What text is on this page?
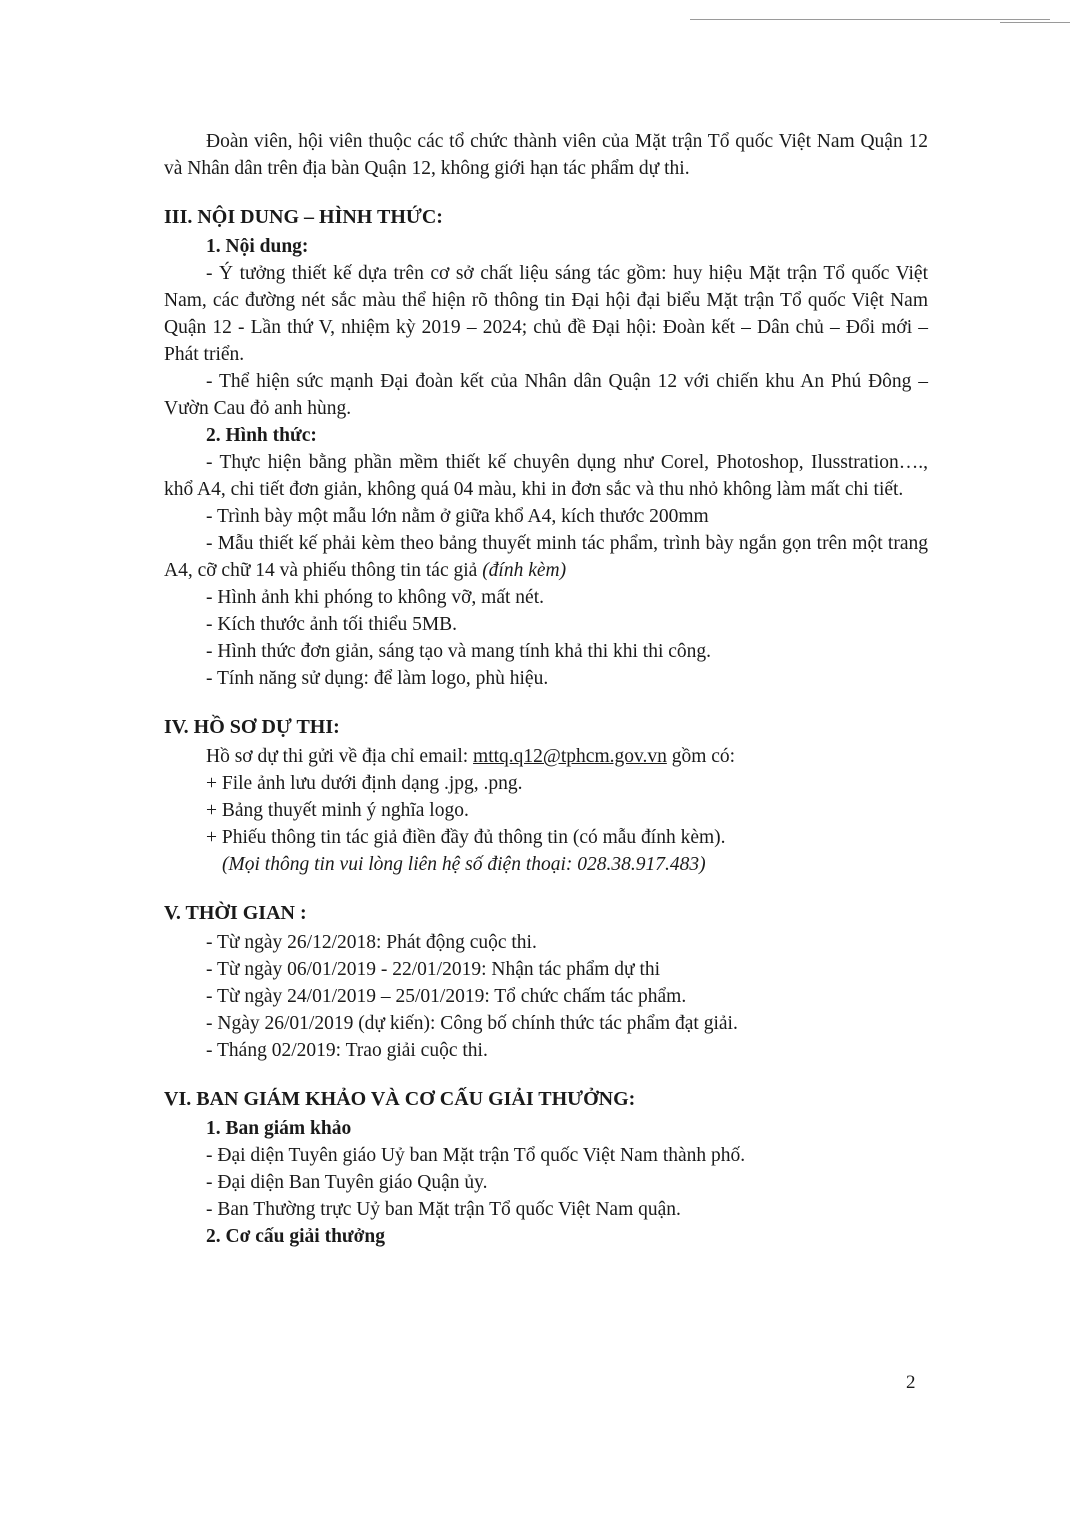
Đoàn viên, hội viên thuộc các tổ chức thành viên của Mặt trận Tổ quốc Việt Nam Quận 12 và Nhân dân trên địa bàn Quận 12, không giới hạn tác phẩm dự thi.

III. NỘI DUNG – HÌNH THỨC:

1. Nội dung:

- Ý tưởng thiết kế dựa trên cơ sở chất liệu sáng tác gồm: huy hiệu Mặt trận Tổ quốc Việt Nam, các đường nét sắc màu thể hiện rõ thông tin Đại hội đại biểu Mặt trận Tổ quốc Việt Nam Quận 12 - Lần thứ V, nhiệm kỳ 2019 – 2024; chủ đề Đại hội: Đoàn kết – Dân chủ – Đổi mới – Phát triển.

- Thể hiện sức mạnh Đại đoàn kết của Nhân dân Quận 12 với chiến khu An Phú Đông – Vườn Cau đỏ anh hùng.

2. Hình thức:

- Thực hiện bằng phần mềm thiết kế chuyên dụng như Corel, Photoshop, Ilusstration…., khổ A4, chi tiết đơn giản, không quá 04 màu, khi in đơn sắc và thu nhỏ không làm mất chi tiết.

- Trình bày một mẫu lớn nằm ở giữa khổ A4, kích thước 200mm

- Mẫu thiết kế phải kèm theo bảng thuyết minh tác phẩm, trình bày ngắn gọn trên một trang A4, cỡ chữ 14 và phiếu thông tin tác giả (đính kèm)

- Hình ảnh khi phóng to không vỡ, mất nét.

- Kích thước ảnh tối thiểu 5MB.

- Hình thức đơn giản, sáng tạo và mang tính khả thi khi thi công.

- Tính năng sử dụng: để làm logo, phù hiệu.

IV. HỒ SƠ DỰ THI:

Hồ sơ dự thi gửi về địa chỉ email: mttq.q12@tphcm.gov.vn gồm có:

+ File ảnh lưu dưới định dạng .jpg, .png.

+ Bảng thuyết minh ý nghĩa logo.

+ Phiếu thông tin tác giả điền đầy đủ thông tin (có mẫu đính kèm).

(Mọi thông tin vui lòng liên hệ số điện thoại: 028.38.917.483)

V. THỜI GIAN :

- Từ ngày 26/12/2018: Phát động cuộc thi.

- Từ ngày 06/01/2019 - 22/01/2019: Nhận tác phẩm dự thi

- Từ ngày 24/01/2019 – 25/01/2019: Tổ chức chấm tác phẩm.

- Ngày 26/01/2019 (dự kiến): Công bố chính thức tác phẩm đạt giải.

- Tháng 02/2019: Trao giải cuộc thi.

VI. BAN GIÁM KHẢO VÀ CƠ CẤU GIẢI THƯỞNG:

1. Ban giám khảo

- Đại diện Tuyên giáo Uỷ ban Mặt trận Tổ quốc Việt Nam thành phố.

- Đại diện Ban Tuyên giáo Quận ủy.

- Ban Thường trực Uỷ ban Mặt trận Tổ quốc Việt Nam quận.

2. Cơ cấu giải thưởng

2
